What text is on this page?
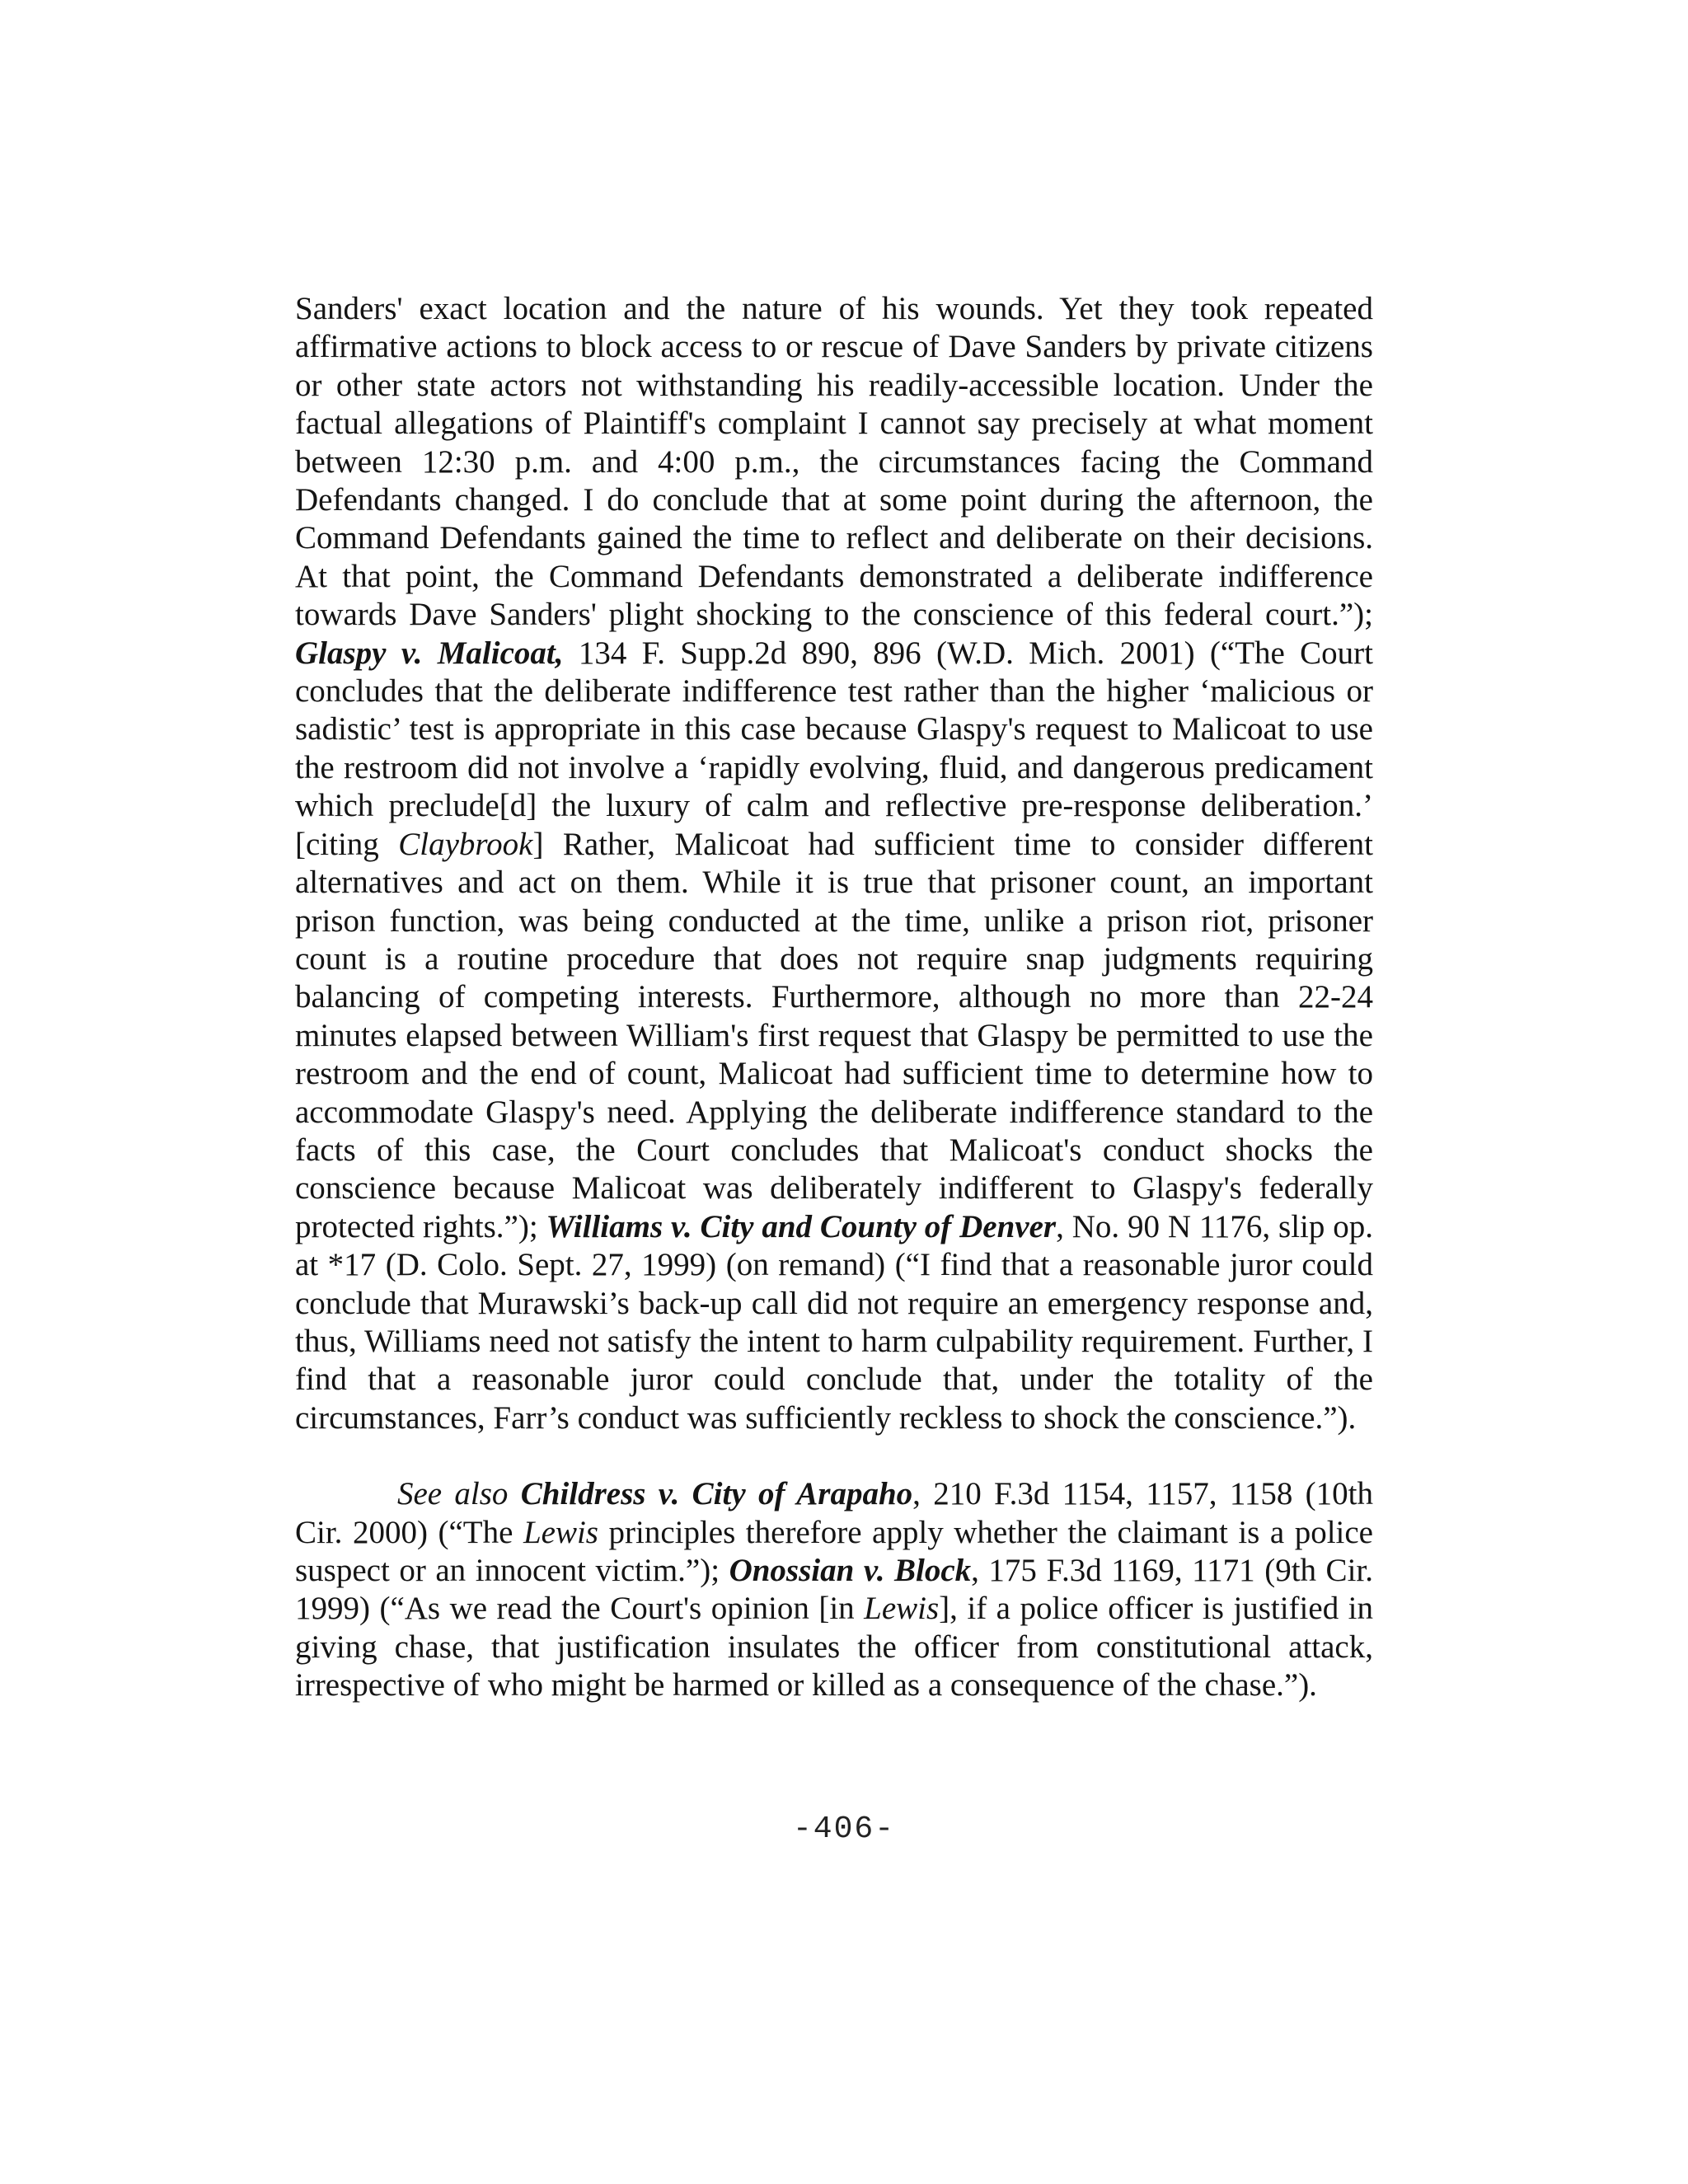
Sanders' exact location and the nature of his wounds. Yet they took repeated affirmative actions to block access to or rescue of Dave Sanders by private citizens or other state actors not withstanding his readily-accessible location. Under the factual allegations of Plaintiff's complaint I cannot say precisely at what moment between 12:30 p.m. and 4:00 p.m., the circumstances facing the Command Defendants changed. I do conclude that at some point during the afternoon, the Command Defendants gained the time to reflect and deliberate on their decisions. At that point, the Command Defendants demonstrated a deliberate indifference towards Dave Sanders' plight shocking to the conscience of this federal court.”); Glaspy v. Malicoat, 134 F. Supp.2d 890, 896 (W.D. Mich. 2001) (“The Court concludes that the deliberate indifference test rather than the higher ‘malicious or sadistic’ test is appropriate in this case because Glaspy's request to Malicoat to use the restroom did not involve a ‘rapidly evolving, fluid, and dangerous predicament which preclude[d] the luxury of calm and reflective pre-response deliberation.’ [citing Claybrook] Rather, Malicoat had sufficient time to consider different alternatives and act on them. While it is true that prisoner count, an important prison function, was being conducted at the time, unlike a prison riot, prisoner count is a routine procedure that does not require snap judgments requiring balancing of competing interests. Furthermore, although no more than 22-24 minutes elapsed between William's first request that Glaspy be permitted to use the restroom and the end of count, Malicoat had sufficient time to determine how to accommodate Glaspy's need. Applying the deliberate indifference standard to the facts of this case, the Court concludes that Malicoat's conduct shocks the conscience because Malicoat was deliberately indifferent to Glaspy's federally protected rights.”); Williams v. City and County of Denver, No. 90 N 1176, slip op. at *17 (D. Colo. Sept. 27, 1999) (on remand) (“I find that a reasonable juror could conclude that Murawski’s back-up call did not require an emergency response and, thus, Williams need not satisfy the intent to harm culpability requirement. Further, I find that a reasonable juror could conclude that, under the totality of the circumstances, Farr’s conduct was sufficiently reckless to shock the conscience.”).

See also Childress v. City of Arapaho, 210 F.3d 1154, 1157, 1158 (10th Cir. 2000) (“The Lewis principles therefore apply whether the claimant is a police suspect or an innocent victim.”); Onossian v. Block, 175 F.3d 1169, 1171 (9th Cir. 1999) (“As we read the Court's opinion [in Lewis], if a police officer is justified in giving chase, that justification insulates the officer from constitutional attack, irrespective of who might be harmed or killed as a consequence of the chase.”).

-406-
